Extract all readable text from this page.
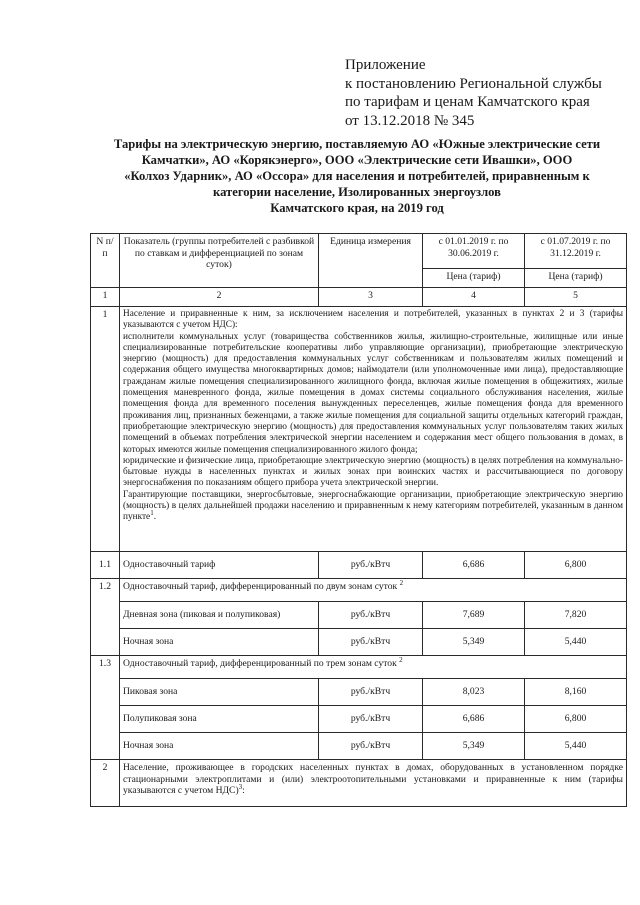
Приложение
к постановлению Региональной службы
по тарифам и ценам Камчатского края
от 13.12.2018 № 345
Тарифы на электрическую энергию, поставляемую АО «Южные электрические сети
Камчатки», АО «Корякэнерго», ООО «Электрические сети Ивашки», ООО
«Колхоз Ударник», АО «Оссора» для населения и потребителей, приравненным к
категории население, Изолированных энергоузлов
Камчатского края, на 2019 год
N п/п	Показатель (группы потребителей с разбивкой по ставкам и дифференциацией по зонам суток)	Единица измерения	с 01.01.2019 г. по 30.06.2019 г.	с 01.07.2019 г. по 31.12.2019 г.
			Цена (тариф)	Цена (тариф)
1	2	3	4	5
1	Население и приравненные к ним, за исключением населения и потребителей, указанных в пунктах 2 и 3 (тарифы указываются с учетом НДС):

исполнители коммунальных услуг (товарищества собственников жилья, жилищно-строительные, жилищные или иные специализированные потребительские кооперативы либо управляющие организации), приобретающие электрическую энергию (мощность) для предоставления коммунальных услуг собственникам и пользователям жилых помещений и содержания общего имущества многоквартирных домов; наймодатели (или уполномоченные ими лица), предоставляющие гражданам жилые помещения специализированного жилищного фонда, включая жилые помещения в общежитиях, жилые помещения маневренного фонда, жилые помещения в домах системы социального обслуживания населения, жилые помещения фонда для временного поселения вынужденных переселенцев, жилые помещения фонда для временного проживания лиц, признанных беженцами, а также жилые помещения для социальной защиты отдельных категорий граждан, приобретающие электрическую энергию (мощность) для предоставления коммунальных услуг пользователям таких жилых помещений в объемах потребления электрической энергии населением и содержания мест общего пользования в домах, в которых имеются жилые помещения специализированного жилого фонда;

юридические и физические лица, приобретающие электрическую энергию (мощность) в целях потребления на коммунально-бытовые нужды в населенных пунктах и жилых зонах при воинских частях и рассчитывающиеся по договору энергоснабжения по показаниям общего прибора учета электрической энергии.

Гарантирующие поставщики, энергосбытовые, энергоснабжающие организации, приобретающие электрическую энергию (мощность) в целях дальнейшей продажи населению и приравненным к нему категориям потребителей, указанным в данном пункте$^1$.			

1.1	Одноставочный тариф	руб./кВтч	6,686	6,800
1.2	Одноставочный тариф, дифференцированный по двум зонам суток $^2$
	Дневная зона (пиковая и полупиковая)	руб./кВтч	7,689	7,820
	Ночная зона	руб./кВтч	5,349	5,440
1.3	Одноставочный тариф, дифференцированный по трем зонам суток $^2$
	Пиковая зона	руб./кВтч	8,023	8,160
	Полупиковая зона	руб./кВтч	6,686	6,800
	Ночная зона	руб./кВтч	5,349	5,440
2	Население, проживающее в городских населенных пунктах в домах, оборудованных в установленном порядке стационарными электроплитами и (или) электроотопительными установками и приравненные к ним (тарифы указываются с учетом НДС)$^3$:			
